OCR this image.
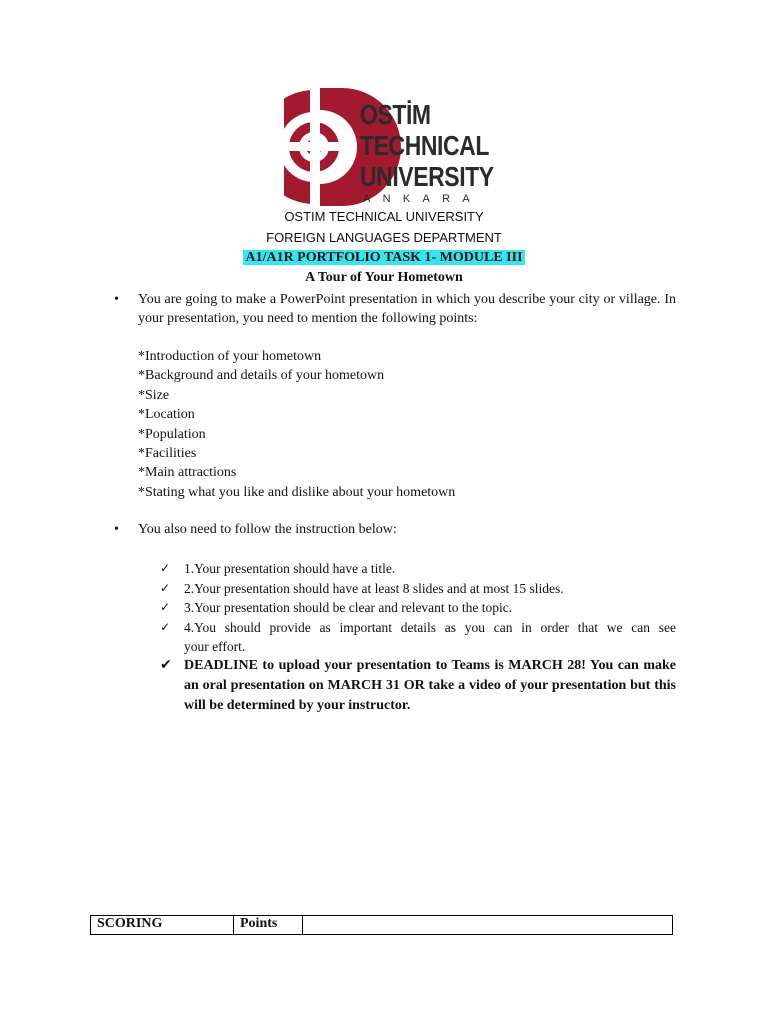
OSTİM
TECHNICAL
UNIVERSITY
ANKARA
OSTIM TECHNICAL UNIVERSITY
FOREIGN LANGUAGES DEPARTMENT
A1/A1R PORTFOLIO TASK 1- MODULE III
A Tour of Your Hometown
• You are going to make a PowerPoint presentation in which you describe your city or village. In your presentation, you need to mention the following points:
*Introduction of your hometown
*Background and details of your hometown
*Size
*Location
*Population
*Facilities
*Main attractions
*Stating what you like and dislike about your hometown
• You also need to follow the instruction below:
✓ 1.Your presentation should have a title.
✓ 2.Your presentation should have at least 8 slides and at most 15 slides.
✓ 3.Your presentation should be clear and relevant to the topic.
✓ 4.You should provide as important details as you can in order that we can see
your effort.
✔ DEADLINE to upload your presentation to Teams is MARCH 28! You can make an oral presentation on MARCH 31 OR take a video of your presentation but this will be determined by your instructor.
SCORING	Points	
